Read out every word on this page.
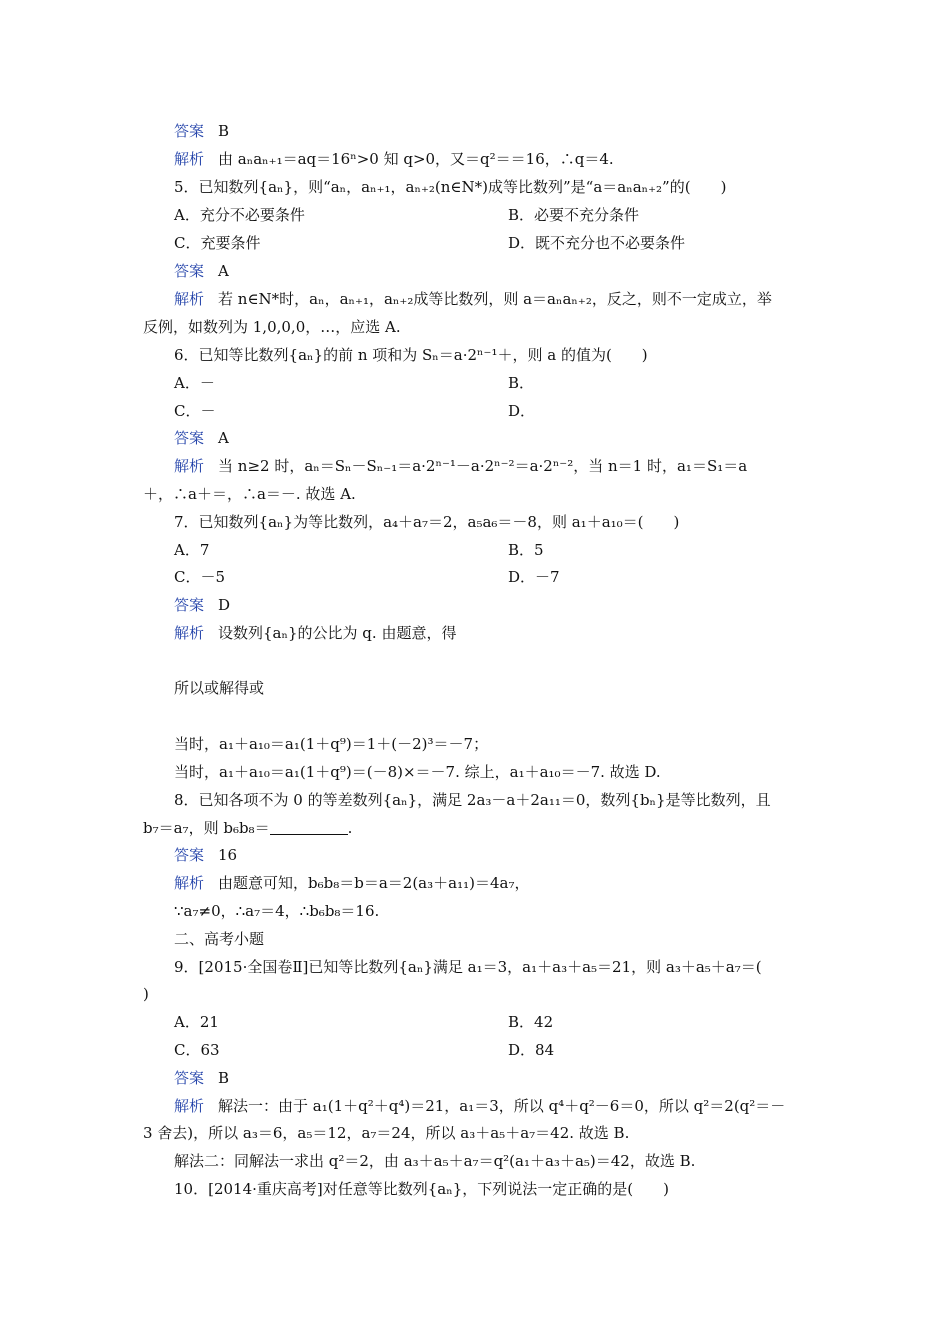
答案 B
解析 由 aₙaₙ₊₁＝aq＝16ⁿ>0 知 q>0，又＝q²＝＝16，∴q＝4.
5．已知数列{aₙ}，则“aₙ，aₙ₊₁，aₙ₊₂(n∈N*)成等比数列”是“a＝aₙaₙ₊₂”的(　　)
A．充分不必要条件	B．必要不充分条件
C．充要条件	D．既不充分也不必要条件
答案 A
解析 若 n∈N*时，aₙ，aₙ₊₁，aₙ₊₂成等比数列，则 a＝aₙaₙ₊₂，反之，则不一定成立，举
反例，如数列为 1,0,0,0，…，应选 A.
6．已知等比数列{aₙ}的前 n 项和为 Sₙ＝a·2ⁿ⁻¹＋，则 a 的值为(　　)
A．－	B．
C．－	D．
答案 A
解析 当 n≥2 时，aₙ＝Sₙ－Sₙ₋₁＝a·2ⁿ⁻¹－a·2ⁿ⁻²＝a·2ⁿ⁻²，当 n＝1 时，a₁＝S₁＝a
＋，∴a＋＝，∴a＝－. 故选 A.
7．已知数列{aₙ}为等比数列，a₄＋a₇＝2，a₅a₆＝－8，则 a₁＋a₁₀＝(　　)
A．7	B．5
C．－5	D．－7
答案 D
解析 设数列{aₙ}的公比为 q. 由题意，得
所以或解得或
当时，a₁＋a₁₀＝a₁(1＋q⁹)＝1＋(－2)³＝－7；
当时，a₁＋a₁₀＝a₁(1＋q⁹)＝(－8)×＝－7. 综上，a₁＋a₁₀＝－7. 故选 D.
8．已知各项不为 0 的等差数列{aₙ}，满足 2a₃－a＋2a₁₁＝0，数列{bₙ}是等比数列，且
b₇＝a₇，则 b₆b₈＝	.
答案 16
解析 由题意可知，b₆b₈＝b＝a＝2(a₃＋a₁₁)＝4a₇，
∵a₇≠0，∴a₇＝4，∴b₆b₈＝16.
二、高考小题
9．[2015·全国卷Ⅱ]已知等比数列{aₙ}满足 a₁＝3，a₁＋a₃＋a₅＝21，则 a₃＋a₅＋a₇＝(
)
A．21	B．42
C．63	D．84
答案 B
解析 解法一：由于 a₁(1＋q²＋q⁴)＝21，a₁＝3，所以 q⁴＋q²－6＝0，所以 q²＝2(q²＝－
3 舍去)，所以 a₃＝6，a₅＝12，a₇＝24，所以 a₃＋a₅＋a₇＝42. 故选 B.
解法二：同解法一求出 q²＝2，由 a₃＋a₅＋a₇＝q²(a₁＋a₃＋a₅)＝42，故选 B.
10．[2014·重庆高考]对任意等比数列{aₙ}，下列说法一定正确的是(　　)
